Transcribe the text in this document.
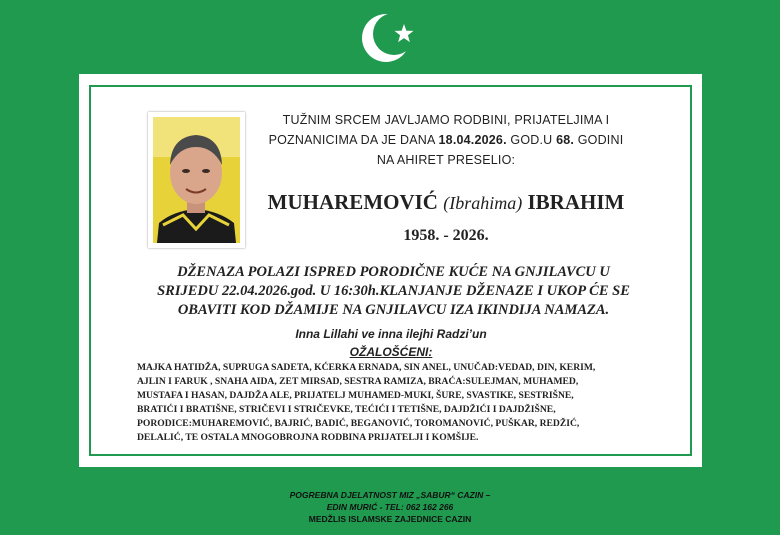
TUŽNIM SRCEM JAVLJAMO RODBINI, PRIJATELJIMA I
POZNANICIMA DA JE DANA 18.04.2026. GOD.U 68. GODINI
NA AHIRET PRESELIO:
MUHAREMOVIĆ (Ibrahima) IBRAHIM
1958. - 2026.
DŽENAZA POLAZI ISPRED PORODIČNE KUĆE NA GNJILAVCU U
SRIJEDU 22.04.2026.god. U 16:30h.KLANJANJE DŽENAZE I UKOP ĆE SE
OBAVITI KOD DŽAMIJE NA GNJILAVCU IZA IKINDIJA NAMAZA.
Inna Lillahi ve inna ilejhi Radzi’un
OŽALOŠĆENI:
MAJKA HATIDŽA, SUPRUGA SADETA, KĆERKA ERNADA, SIN ANEL, UNUČAD:VEDAD, DIN, KERIM,
AJLIN I FARUK , SNAHA AIDA, ZET MIRSAD, SESTRA RAMIZA, BRAĆA:SULEJMAN, MUHAMED,
MUSTAFA I HASAN, DAJDŽA ALE, PRIJATELJ MUHAMED-MUKI, ŠURE, SVASTIKE, SESTRIŠNE,
BRATIĆI I BRATIŠNE, STRIČEVI I STRIČEVKE, TEĆIĆI I TETIŠNE, DAJDŽIĆI I DAJDŽIŠNE,
PORODICE:MUHAREMOVIĆ, BAJRIĆ, BADIĆ, BEGANOVIĆ, TOROMANOVIĆ, PUŠKAR, REDŽIĆ,
DELALIĆ, TE OSTALA MNOGOBROJNA RODBINA PRIJATELJI I KOMŠIJE.
POGREBNA DJELATNOST MIZ „SABUR“ CAZIN –
EDIN MURIĆ - TEL: 062 162 266
MEDŽLIS ISLAMSKE ZAJEDNICE CAZIN
